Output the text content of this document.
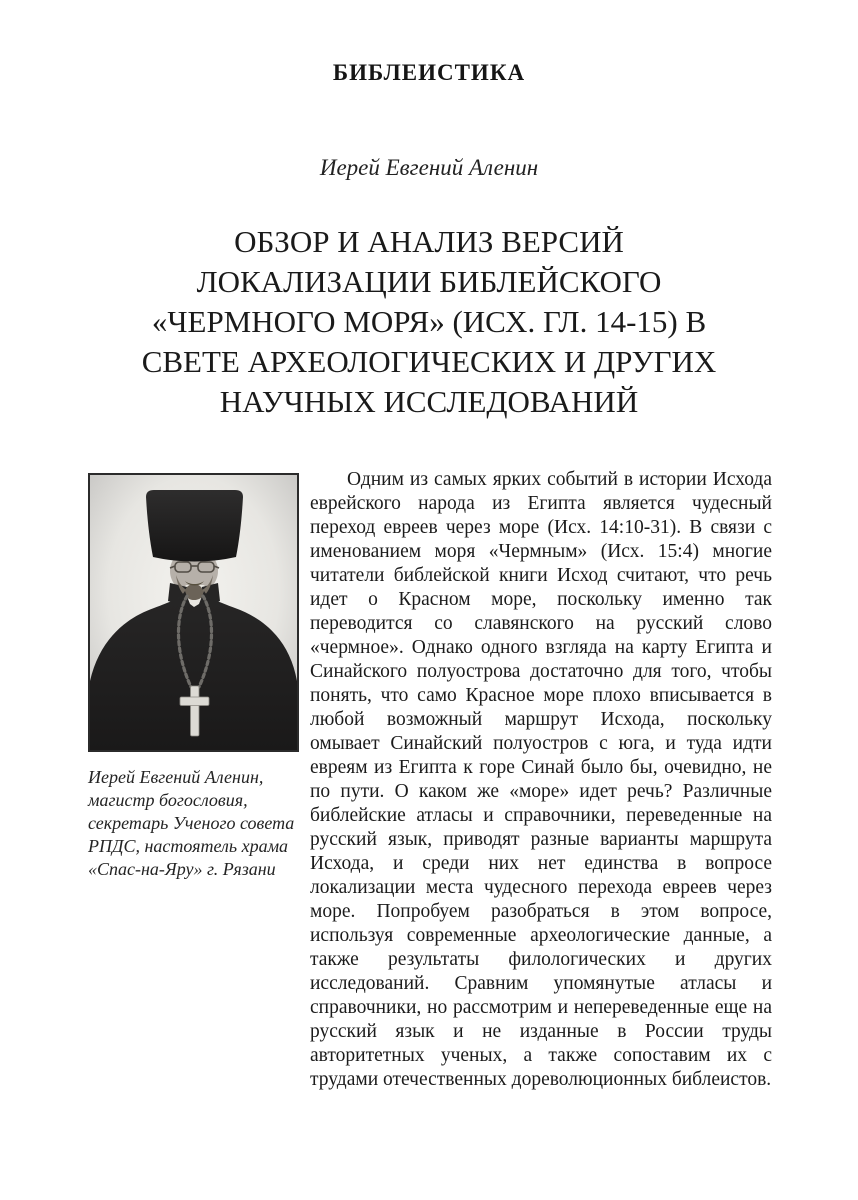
БИБЛЕИСТИКА
Иерей Евгений Аленин
ОБЗОР И АНАЛИЗ ВЕРСИЙ
ЛОКАЛИЗАЦИИ БИБЛЕЙСКОГО
«ЧЕРМНОГО МОРЯ» (ИСХ. ГЛ. 14-15) В
СВЕТЕ АРХЕОЛОГИЧЕСКИХ И ДРУГИХ
НАУЧНЫХ ИССЛЕДОВАНИЙ
Иерей Евгений Аленин,
магистр богословия,
секретарь Ученого совета
РПДС, настоятель храма
«Спас-на-Яру» г. Рязани

Одним из самых ярких событий в истории Исхода еврейского народа из Египта является чудесный переход евреев через море (Исх. 14:10-31). В связи с именованием моря «Чермным» (Исх. 15:4) многие читатели библейской книги Исход считают, что речь идет о Красном море, поскольку именно так переводится со славянского на русский слово «чермное». Однако одного взгляда на карту Египта и Синайского полуострова достаточно для того, чтобы понять, что само Красное море плохо вписывается в любой возможный маршрут Исхода, поскольку омывает Синайский полуостров с юга, и туда идти евреям из Египта к горе Синай было бы, очевидно, не по пути. О каком же «море» идет речь? Различные библейские атласы и справочники, переведенные на русский язык, приводят разные варианты маршрута Исхода, и среди них нет единства в вопросе локализации места чудесного перехода евреев через море. Попробуем разобраться в этом вопросе, используя современные археологические данные, а также результаты филологических и других исследований. Сравним упомянутые атласы и справочники, но рассмотрим и непереведенные еще на русский язык и не изданные в России труды авторитетных ученых, а также сопоставим их с трудами отечественных дореволюционных библеистов.
